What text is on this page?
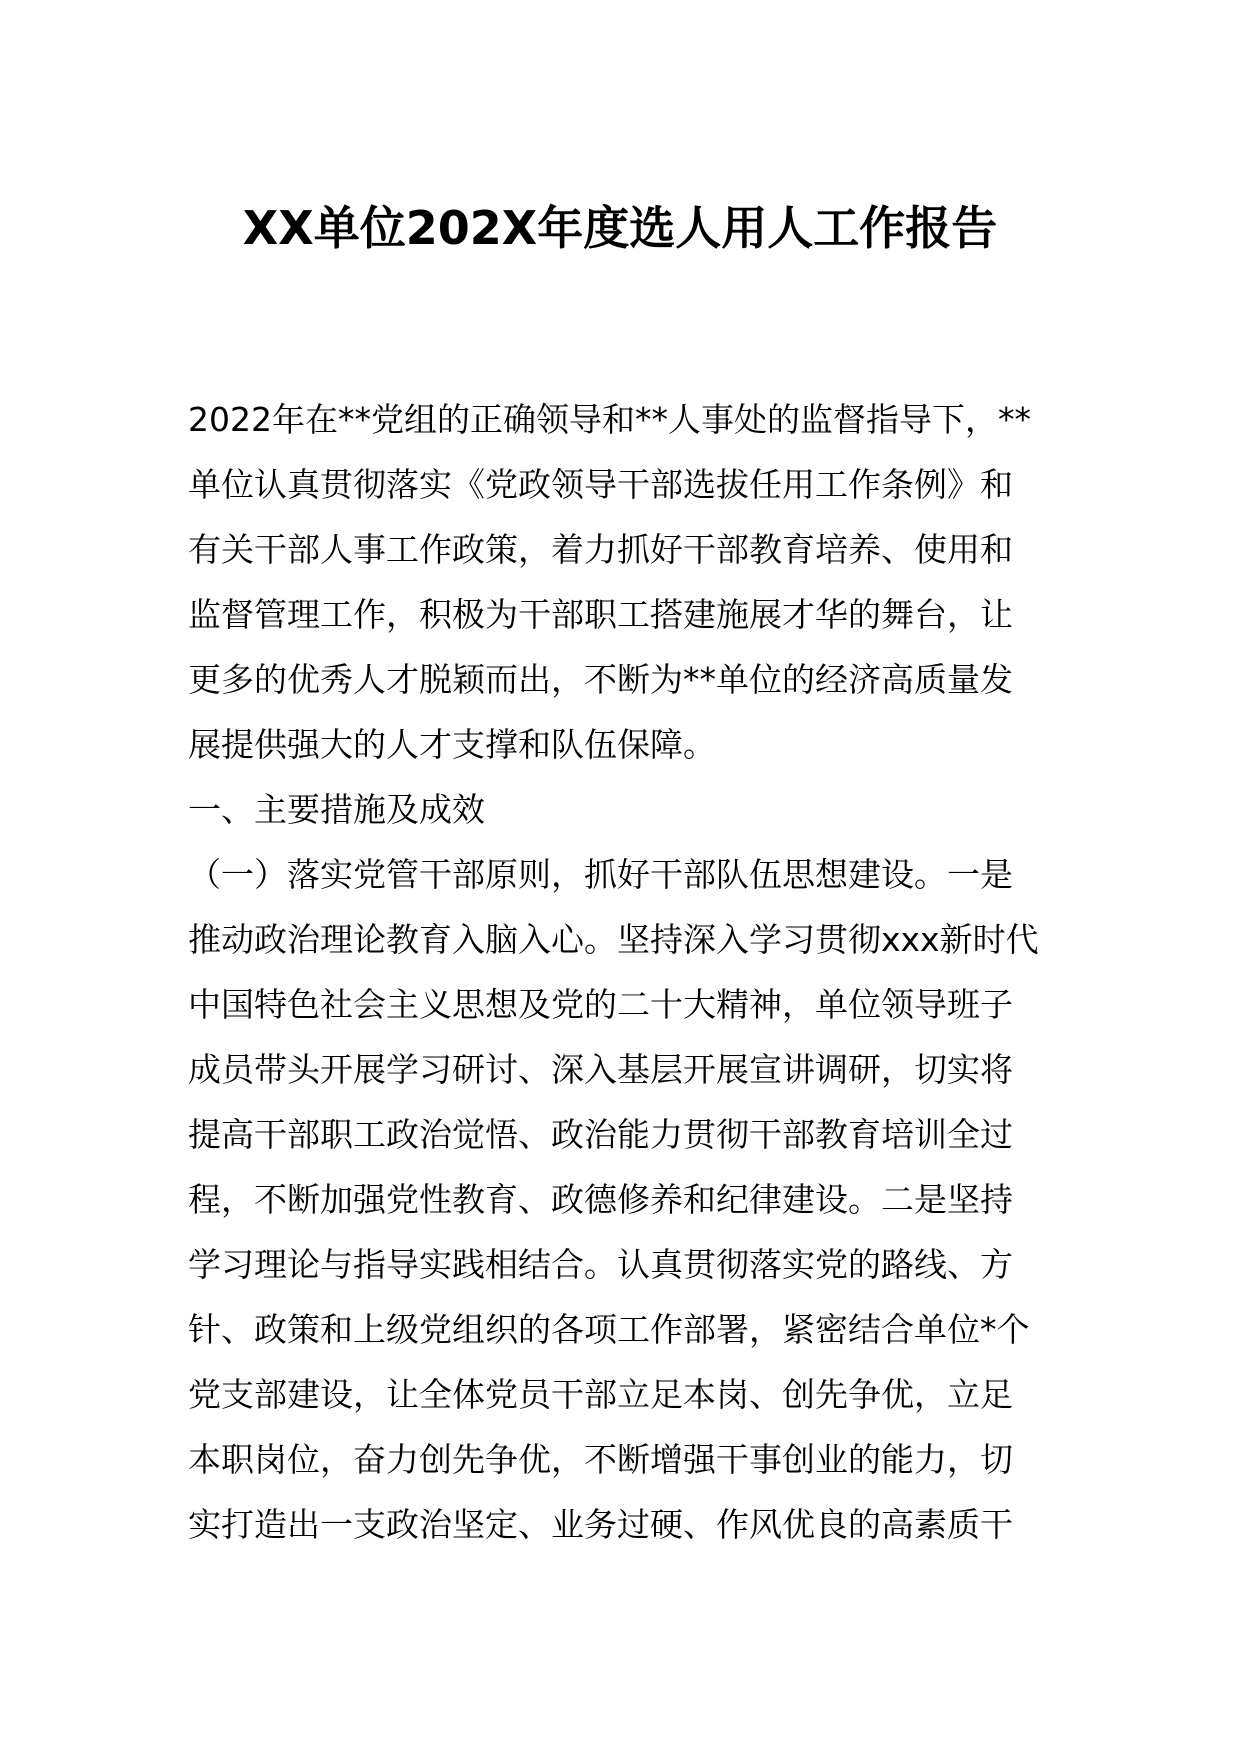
XX单位202X年度选人用人工作报告
2022年在**党组的正确领导和**人事处的监督指导下，**
单位认真贯彻落实《党政领导干部选拔任用工作条例》和
有关干部人事工作政策，着力抓好干部教育培养、使用和
监督管理工作，积极为干部职工搭建施展才华的舞台，让
更多的优秀人才脱颖而出，不断为**单位的经济高质量发
展提供强大的人才支撑和队伍保障。
一、主要措施及成效
（一）落实党管干部原则，抓好干部队伍思想建设。一是
推动政治理论教育入脑入心。坚持深入学习贯彻xxx新时代
中国特色社会主义思想及党的二十大精神，单位领导班子
成员带头开展学习研讨、深入基层开展宣讲调研，切实将
提高干部职工政治觉悟、政治能力贯彻干部教育培训全过
程，不断加强党性教育、政德修养和纪律建设。二是坚持
学习理论与指导实践相结合。认真贯彻落实党的路线、方
针、政策和上级党组织的各项工作部署，紧密结合单位*个
党支部建设，让全体党员干部立足本岗、创先争优，立足
本职岗位，奋力创先争优，不断增强干事创业的能力，切
实打造出一支政治坚定、业务过硬、作风优良的高素质干
